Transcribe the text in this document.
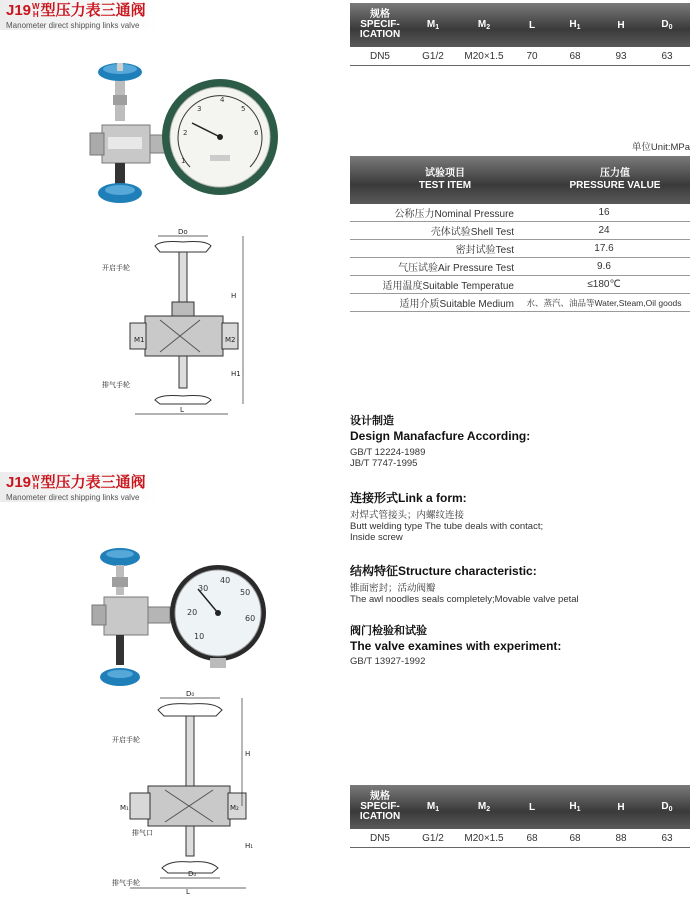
J19 W
H 型压力表三通阀
Manometer direct shipping links valve
1
2
3
4
5
6
Do
开启手轮
排气手轮
H
H1
M1	M2
L
规格
SPECIF-
ICATION
$M_1$	$M_2$	L	$H_1$	H	$D_0$
DN5	G1/2	M20×1.5	70	68	93	63
单位Unit:MPa
试验项目
TEST ITEM
压力值
PRESSURE VALUE
公称压力Nominal Pressure	16
壳体试验Shell Test	24
密封试验Test	17.6
气压试验Air Pressure Test	9.6
适用温度Suitable Temperatue	≤180℃
适用介质Suitable Medium	水、蒸汽、油品等Water,Steam,Oil goods
设计制造
Design Manafacfure According:
GB/T 12224-1989
JB/T 7747-1995
连接形式Link a form:
对焊式管接头；内螺纹连接
Butt welding type The tube deals with contact;
Inside screw
结构特征Structure characteristic:
锥面密封；活动阀瓣
The awl noodles seals completely;Movable valve petal
阀门检验和试验
The valve examines with experiment:
GB/T 13927-1992
J19 W
H 型压力表三通阀
Manometer direct shipping links valve
10
20
30
40
50
60
D₀
开启手轮
排气口
排气手轮
H
H₁
M₁	M₂
D₀
L
规格
SPECIF-
ICATION
$M_1$	$M_2$	L	$H_1$	H	$D_0$
DN5	G1/2	M20×1.5	68	68	88	63
